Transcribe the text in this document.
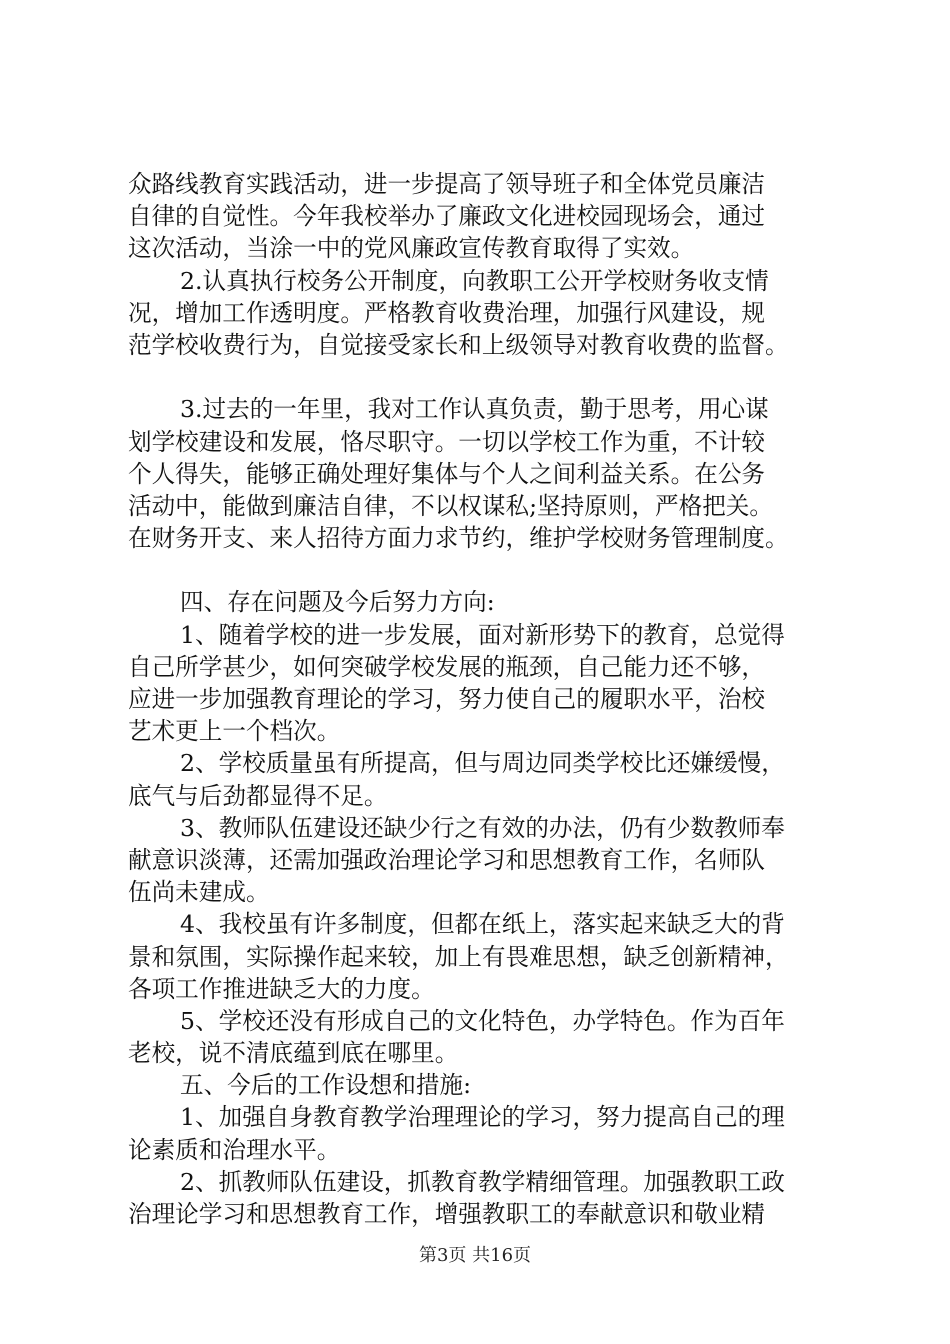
众路线教育实践活动，进一步提高了领导班子和全体党员廉洁
自律的自觉性。今年我校举办了廉政文化进校园现场会，通过
这次活动，当涂一中的党风廉政宣传教育取得了实效。
2.认真执行校务公开制度，向教职工公开学校财务收支情
况，增加工作透明度。严格教育收费治理，加强行风建设，规
范学校收费行为，自觉接受家长和上级领导对教育收费的监督。
3.过去的一年里，我对工作认真负责，勤于思考，用心谋
划学校建设和发展，恪尽职守。一切以学校工作为重，不计较
个人得失，能够正确处理好集体与个人之间利益关系。在公务
活动中，能做到廉洁自律，不以权谋私;坚持原则，严格把关。
在财务开支、来人招待方面力求节约，维护学校财务管理制度。
四、存在问题及今后努力方向:
1、随着学校的进一步发展，面对新形势下的教育，总觉得
自己所学甚少，如何突破学校发展的瓶颈，自己能力还不够，
应进一步加强教育理论的学习，努力使自己的履职水平，治校
艺术更上一个档次。
2、学校质量虽有所提高，但与周边同类学校比还嫌缓慢，
底气与后劲都显得不足。
3、教师队伍建设还缺少行之有效的办法，仍有少数教师奉
献意识淡薄，还需加强政治理论学习和思想教育工作，名师队
伍尚未建成。
4、我校虽有许多制度，但都在纸上，落实起来缺乏大的背
景和氛围，实际操作起来较，加上有畏难思想，缺乏创新精神，
各项工作推进缺乏大的力度。
5、学校还没有形成自己的文化特色，办学特色。作为百年
老校，说不清底蕴到底在哪里。
五、今后的工作设想和措施:
1、加强自身教育教学治理理论的学习，努力提高自己的理
论素质和治理水平。
2、抓教师队伍建设，抓教育教学精细管理。加强教职工政
治理论学习和思想教育工作，增强教职工的奉献意识和敬业精
第3页 共16页
